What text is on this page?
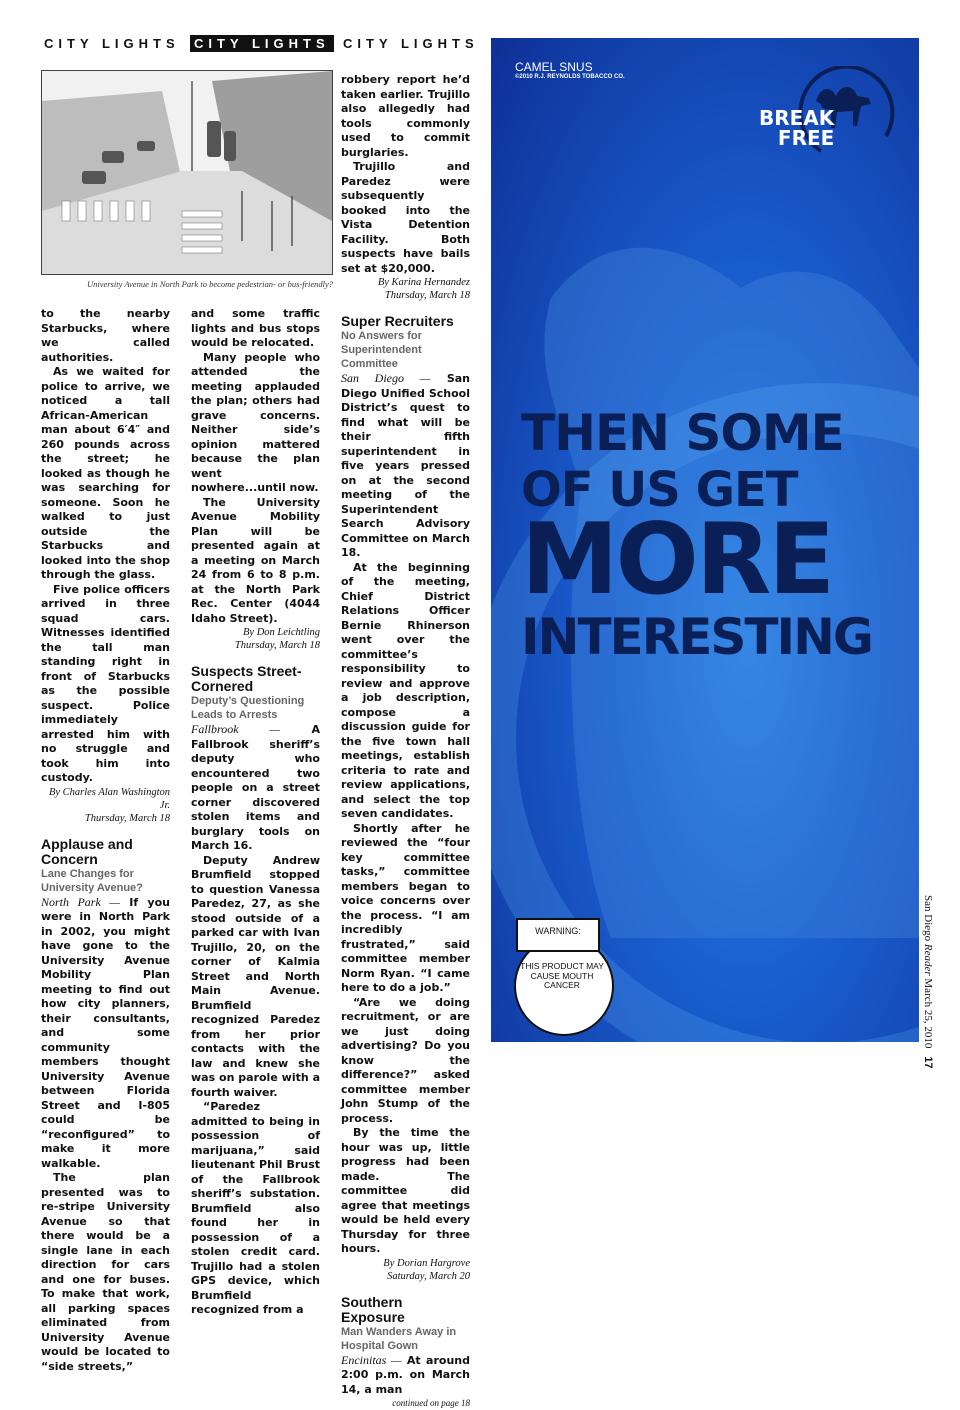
CITY LIGHTS	CITY LIGHTS	CITY LIGHTS
University Avenue in North Park to become pedestrian- or bus-friendly?

to the nearby Starbucks, where we called authorities.

As we waited for police to arrive, we noticed a tall African-American man about 6′4″ and 260 pounds across the street; he looked as though he was searching for someone. Soon he walked to just outside the Starbucks and looked into the shop through the glass.

Five police officers arrived in three squad cars. Witnesses identified the tall man standing right in front of Starbucks as the possible suspect. Police immediately arrested him with no struggle and took him into custody.

By Charles Alan Washington Jr.
Thursday, March 18
Applause and Concern
Lane Changes for University Avenue?

North Park — If you were in North Park in 2002, you might have gone to the University Avenue Mobility Plan meeting to find out how city planners, their consultants, and some community members thought University Avenue between Florida Street and I-805 could be “reconfigured” to make it more walkable.

The plan presented was to re-stripe University Avenue so that there would be a single lane in each direction for cars and one for buses. To make that work, all parking spaces eliminated from University Avenue would be located to “side streets,”

and some traffic lights and bus stops would be relocated.

Many people who attended the meeting applauded the plan; others had grave concerns. Neither side’s opinion mattered because the plan went nowhere...until now.

The University Avenue Mobility Plan will be presented again at a meeting on March 24 from 6 to 8 p.m. at the North Park Rec. Center (4044 Idaho Street).

By Don Leichtling
Thursday, March 18
Suspects Street-Cornered
Deputy’s Questioning Leads to Arrests

Fallbrook — A Fallbrook sheriff’s deputy who encountered two people on a street corner discovered stolen items and burglary tools on March 16.

Deputy Andrew Brumfield stopped to question Vanessa Paredez, 27, as she stood outside of a parked car with Ivan Trujillo, 20, on the corner of Kalmia Street and North Main Avenue. Brumfield recognized Paredez from her prior contacts with the law and knew she was on parole with a fourth waiver.

“Paredez admitted to being in possession of marijuana,” said lieutenant Phil Brust of the Fallbrook sheriff’s substation. Brumfield also found her in possession of a stolen credit card. Trujillo had a stolen GPS device, which Brumfield recognized from a

robbery report he’d taken earlier. Trujillo also allegedly had tools commonly used to commit burglaries.

Trujillo and Paredez were subsequently booked into the Vista Detention Facility. Both suspects have bails set at $20,000.

By Karina Hernandez
Thursday, March 18
Super Recruiters
No Answers for Superintendent Committee

San Diego — San Diego Unified School District’s quest to find what will be their fifth superintendent in five years pressed on at the second meeting of the Superintendent Search Advisory Committee on March 18.

At the beginning of the meeting, Chief District Relations Officer Bernie Rhinerson went over the committee’s responsibility to review and approve a job description, compose a discussion guide for the five town hall meetings, establish criteria to rate and review applications, and select the top seven candidates.

Shortly after he reviewed the “four key committee tasks,” committee members began to voice concerns over the process. “I am incredibly frustrated,” said committee member Norm Ryan. “I came here to do a job.”

“Are we doing recruitment, or are we just doing advertising? Do you know the difference?” asked committee member John Stump of the process.

By the time the hour was up, little progress had been made. The committee did agree that meetings would be held every Thursday for three hours.

By Dorian Hargrove
Saturday, March 20
Southern Exposure
Man Wanders Away in Hospital Gown

Encinitas — At around 2:00 p.m. on March 14, a man

continued on page 18
CAMEL SNUS
©2010 R.J. REYNOLDS TOBACCO CO.
BREAK
FREE
THEN SOME
OF US GET
MORE
INTERESTING
WARNING:
THIS PRODUCT MAY CAUSE MOUTH CANCER
San Diego Reader March 25, 201017
